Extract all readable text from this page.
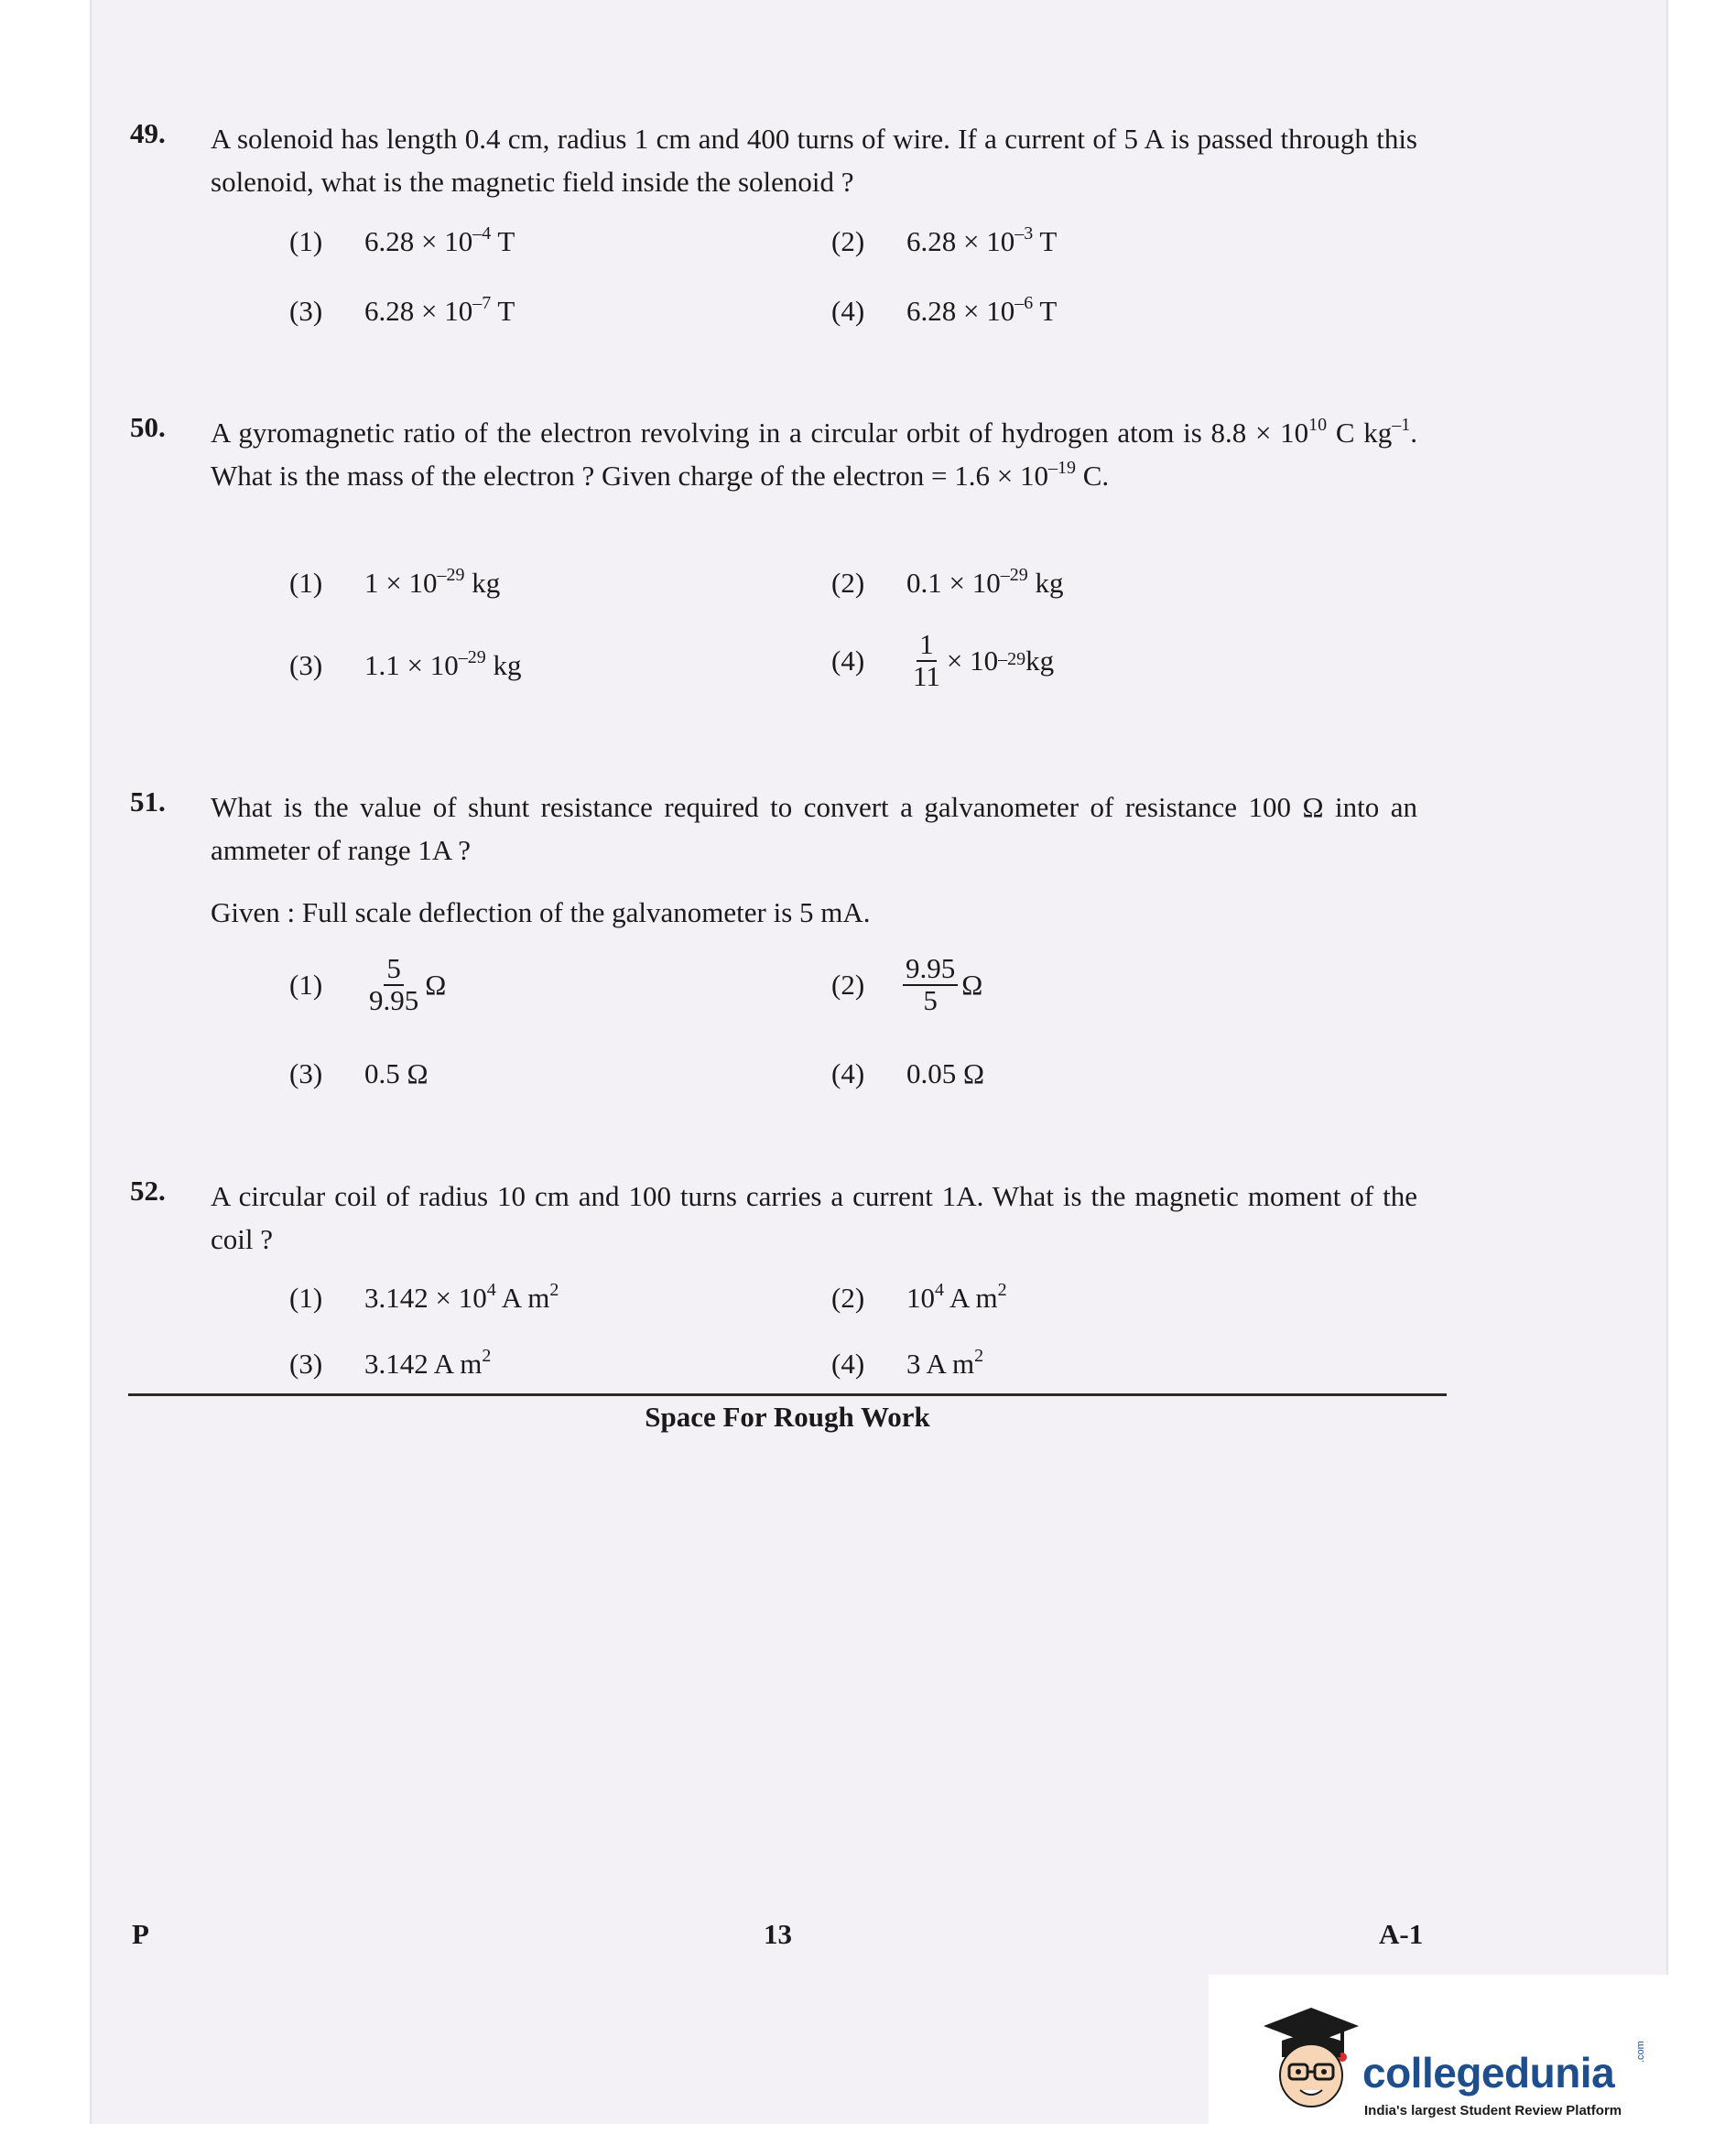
49. A solenoid has length 0.4 cm, radius 1 cm and 400 turns of wire. If a current of 5 A is passed through this solenoid, what is the magnetic field inside the solenoid ?
(1) $6.28 \times 10^{-4}$ T	(2) $6.28 \times 10^{-3}$ T
(3) $6.28 \times 10^{-7}$ T	(4) $6.28 \times 10^{-6}$ T
50. A gyromagnetic ratio of the electron revolving in a circular orbit of hydrogen atom is $8.8 \times 10^{10}$ C $kg^{-1}$. What is the mass of the electron ? Given charge of the electron = $1.6 \times 10^{-19}$ C.
(1) $1 \times 10^{-29}$ kg	(2) $0.1 \times 10^{-29}$ kg
(3) $1.1 \times 10^{-29}$ kg	(4)	$\frac{1}{11} \times 10^{-29}$ kg
51. What is the value of shunt resistance required to convert a galvanometer of resistance 100 Ω into an ammeter of range 1A ?
Given : Full scale deflection of the galvanometer is 5 mA.
(1)	$\frac{5}{9.95}$ Ω	(2)	$\frac{9.95}{5}$ Ω
(3) 0.5 Ω	(4) 0.05 Ω
52. A circular coil of radius 10 cm and 100 turns carries a current 1A. What is the magnetic moment of the coil ?
(1) $3.142 \times 10^4$ A $m^2$	(2) $10^4$ A $m^2$
(3) 3.142 A $m^2$	(4) 3 A $m^2$
Space For Rough Work
P	13	A-1
collegedunia .com
India's largest Student Review Platform
